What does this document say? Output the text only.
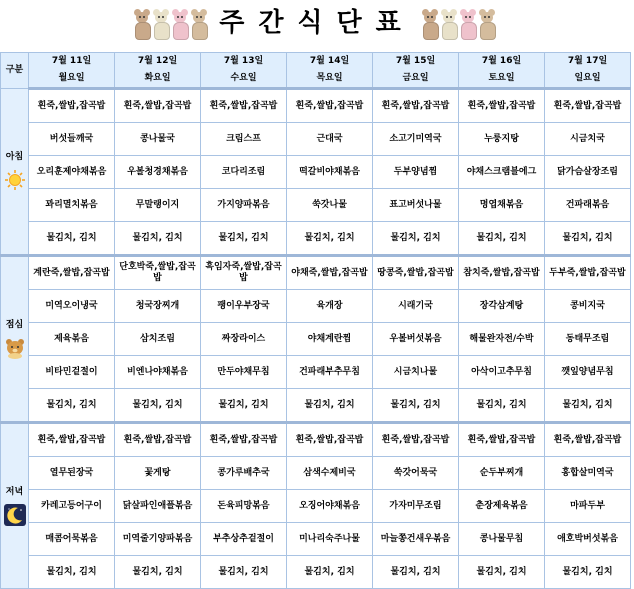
주간식단표
구분	7월 11일	7월 12일	7월 13일	7월 14일	7월 15일	7월 16일	7월 17일
	월요일	화요일	수요일	목요일	금요일	토요일	일요일

아침	흰죽,쌀밥,잡곡밥	흰죽,쌀밥,잡곡밥	흰죽,쌀밥,잡곡밥	흰죽,쌀밥,잡곡밥	흰죽,쌀밥,잡곡밥	흰죽,쌀밥,잡곡밥	흰죽,쌀밥,잡곡밥
	버섯들깨국	콩나물국	크림스프	근대국	소고기미역국	누룽지탕	시금치국
	오리훈제야채볶음	우볼청경채볶음	코다리조림	떡갈비야채볶음	두부양념찜	야채스크램블에그	닭가슴살장조림
	꽈리멸치볶음	무말랭이지	가지양파볶음	쑥갓나물	표고버섯나물	명엽채볶음	건파래볶음
	물김치, 김치	물김치, 김치	물김치, 김치	물김치, 김치	물김치, 김치	물김치, 김치	물김치, 김치

점심	계란죽,쌀밥,잡곡밥	단호박죽,쌀밥,잡곡밥	흑임자죽,쌀밥,잡곡밥	야채죽,쌀밥,잡곡밥	땅콩죽,쌀밥,잡곡밥	참치죽,쌀밥,잡곡밥	두부죽,쌀밥,잡곡밥
	미역오이냉국	청국장찌개	팽이우부장국	육개장	시래기국	장각삼계탕	콩비지국
	제육볶음	삼치조림	짜장라이스	야채계란찜	우볼버섯볶음	해물완자전/수박	동태무조림
	비타민겉절이	비엔나야채볶음	만두야채무침	건파래부추무침	시금치나물	아삭이고추무침	깻잎양념무침
	물김치, 김치	물김치, 김치	물김치, 김치	물김치, 김치	물김치, 김치	물김치, 김치	물김치, 김치

저녁	흰죽,쌀밥,잡곡밥	흰죽,쌀밥,잡곡밥	흰죽,쌀밥,잡곡밥	흰죽,쌀밥,잡곡밥	흰죽,쌀밥,잡곡밥	흰죽,쌀밥,잡곡밥	흰죽,쌀밥,잡곡밥
	열무된장국	꽃게탕	콩가루배추국	삼색수제비국	쑥갓어묵국	순두부찌개	홍합살미역국
	카레고등어구이	닭살파인애플볶음	돈육피망볶음	오징어야채볶음	가자미무조림	춘장제육볶음	마파두부
	매콤어묵볶음	미역줄기양파볶음	부추상추겉절이	미나리숙주나물	마늘쫑건새우볶음	콩나물무침	애호박버섯볶음
	물김치, 김치	물김치, 김치	물김치, 김치	물김치, 김치	물김치, 김치	물김치, 김치	물김치, 김치
